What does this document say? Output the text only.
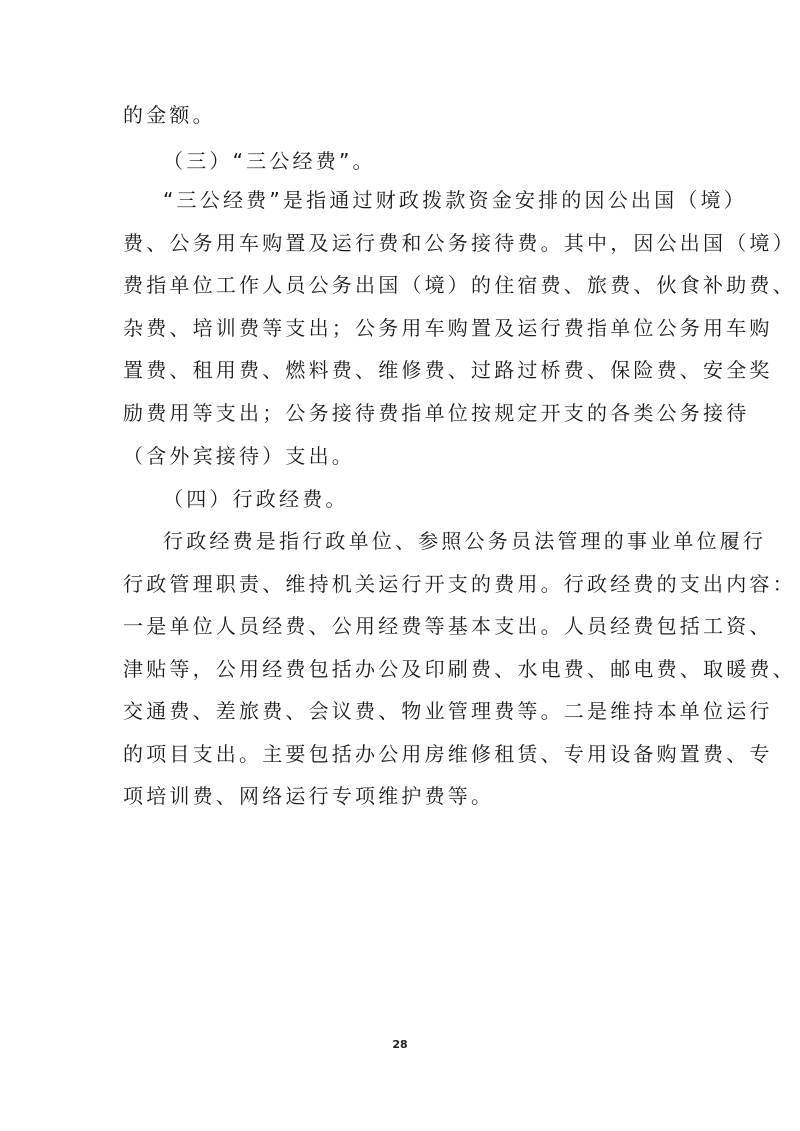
的金额。
（三）“三公经费”。
“三公经费”是指通过财政拨款资金安排的因公出国（境）
费、公务用车购置及运行费和公务接待费。其中，因公出国（境）
费指单位工作人员公务出国（境）的住宿费、旅费、伙食补助费、
杂费、培训费等支出；公务用车购置及运行费指单位公务用车购
置费、租用费、燃料费、维修费、过路过桥费、保险费、安全奖
励费用等支出；公务接待费指单位按规定开支的各类公务接待
（含外宾接待）支出。
（四）行政经费。
行政经费是指行政单位、参照公务员法管理的事业单位履行
行政管理职责、维持机关运行开支的费用。行政经费的支出内容：
一是单位人员经费、公用经费等基本支出。人员经费包括工资、
津贴等，公用经费包括办公及印刷费、水电费、邮电费、取暖费、
交通费、差旅费、会议费、物业管理费等。二是维持本单位运行
的项目支出。主要包括办公用房维修租赁、专用设备购置费、专
项培训费、网络运行专项维护费等。
28
